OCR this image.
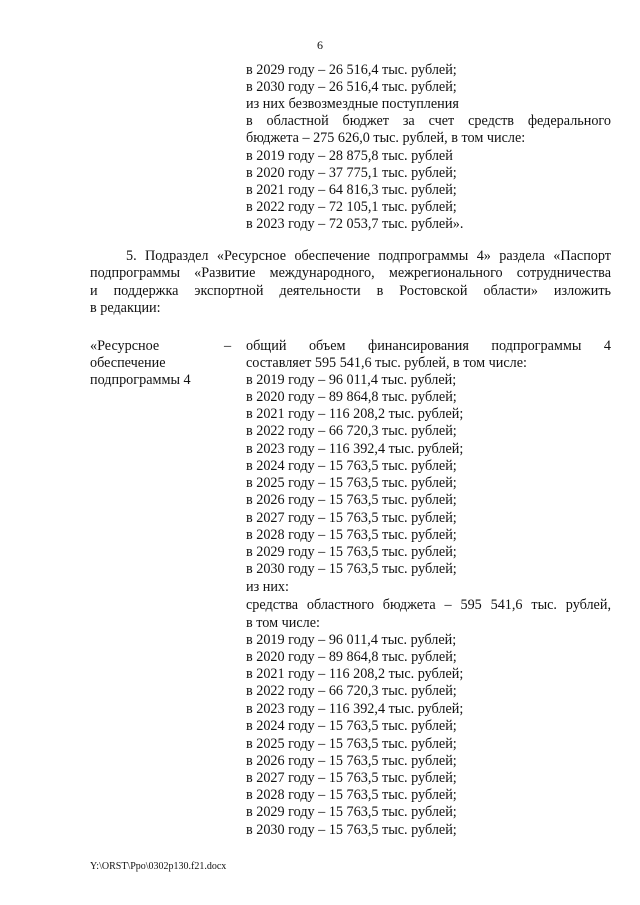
6
в 2029 году – 26 516,4 тыс. рублей;
в 2030 году – 26 516,4 тыс. рублей;
из них безвозмездные поступления
в областной бюджет за счет средств федерального
бюджета – 275 626,0 тыс. рублей, в том числе:
в 2019 году – 28 875,8 тыс. рублей
в 2020 году – 37 775,1 тыс. рублей;
в 2021 году – 64 816,3 тыс. рублей;
в 2022 году – 72 105,1 тыс. рублей;
в 2023 году – 72 053,7 тыс. рублей».
5. Подраздел «Ресурсное обеспечение подпрограммы 4» раздела «Паспорт
подпрограммы «Развитие международного, межрегионального сотрудничества
и поддержка экспортной деятельности в Ростовской области» изложить
в редакции:
«Ресурсное
обеспечение
подпрограммы 4
– общий объем финансирования подпрограммы 4
составляет 595 541,6 тыс. рублей, в том числе:
в 2019 году – 96 011,4 тыс. рублей;
в 2020 году – 89 864,8 тыс. рублей;
в 2021 году – 116 208,2 тыс. рублей;
в 2022 году – 66 720,3 тыс. рублей;
в 2023 году – 116 392,4 тыс. рублей;
в 2024 году – 15 763,5 тыс. рублей;
в 2025 году – 15 763,5 тыс. рублей;
в 2026 году – 15 763,5 тыс. рублей;
в 2027 году – 15 763,5 тыс. рублей;
в 2028 году – 15 763,5 тыс. рублей;
в 2029 году – 15 763,5 тыс. рублей;
в 2030 году – 15 763,5 тыс. рублей;
из них:
средства областного бюджета – 595 541,6 тыс. рублей,
в том числе:
в 2019 году – 96 011,4 тыс. рублей;
в 2020 году – 89 864,8 тыс. рублей;
в 2021 году – 116 208,2 тыс. рублей;
в 2022 году – 66 720,3 тыс. рублей;
в 2023 году – 116 392,4 тыс. рублей;
в 2024 году – 15 763,5 тыс. рублей;
в 2025 году – 15 763,5 тыс. рублей;
в 2026 году – 15 763,5 тыс. рублей;
в 2027 году – 15 763,5 тыс. рублей;
в 2028 году – 15 763,5 тыс. рублей;
в 2029 году – 15 763,5 тыс. рублей;
в 2030 году – 15 763,5 тыс. рублей;
Y:\ORST\Ppo\0302p130.f21.docx
